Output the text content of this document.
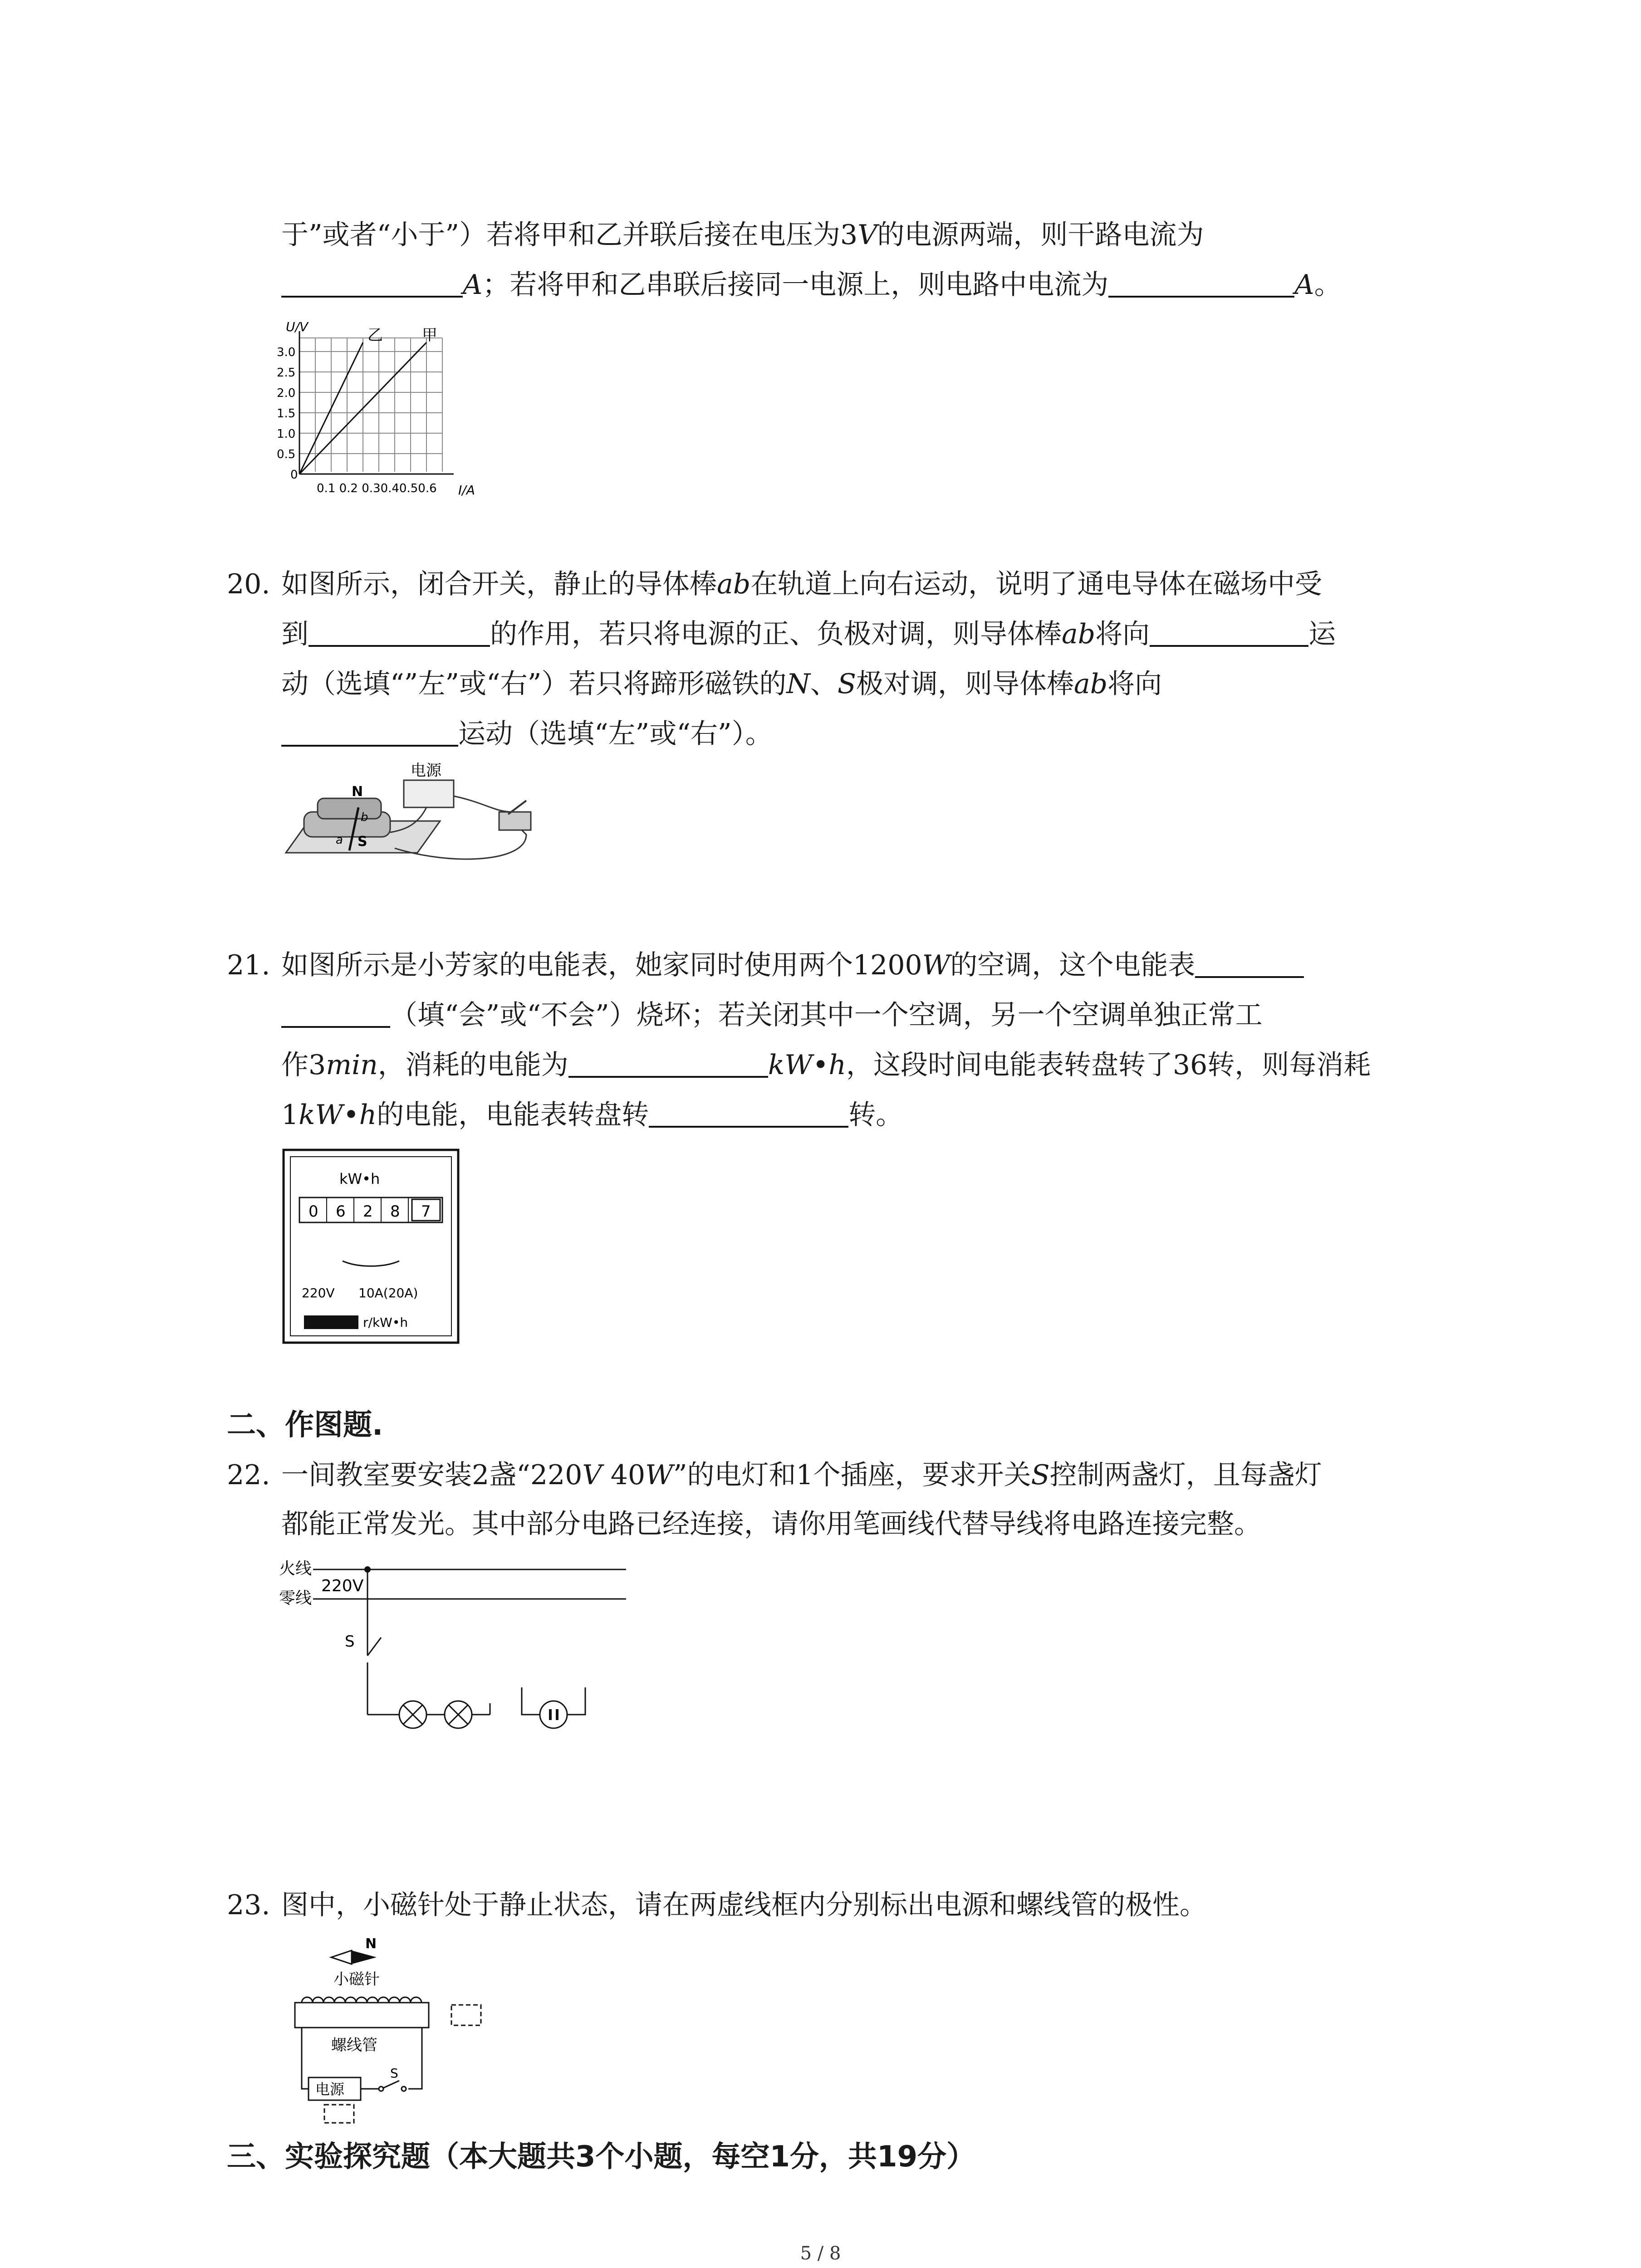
于”或者“小于”）若将甲和乙并联后接在电压为3V的电源两端，则干路电流为
A；若将甲和乙串联后接同一电源上，则电路中电流为	A。
U/V
I/A
3.0
2.5
2.0
1.5
1.0
0.5
0
0.1 0.2 0.30.40.50.6
乙	甲
20. 如图所示，闭合开关，静止的导体棒ab在轨道上向右运动，说明了通电导体在磁场中受
到	的作用，若只将电源的正、负极对调，则导体棒ab将向	运
动（选填“”左”或“右”）若只将蹄形磁铁的N、S极对调，则导体棒ab将向
运动（选填“左”或“右”）。
电源
N
S
a
b
21. 如图所示是小芳家的电能表，她家同时使用两个1200W的空调，这个电能表
（填“会”或“不会”）烧坏；若关闭其中一个空调，另一个空调单独正常工
作3min，消耗的电能为	kW•h，这段时间电能表转盘转了36转，则每消耗
1kW•h的电能，电能表转盘转	转。
kW•h
0 6 2 8 7
220V 10A(20A)
r/kW•h
二、作图题.
22. 一间教室要安装2盏“220V 40W”的电灯和1个插座，要求开关S控制两盏灯，且每盏灯
都能正常发光。其中部分电路已经连接，请你用笔画线代替导线将电路连接完整。
火线
零线
220V
S
23. 图中，小磁针处于静止状态，请在两虚线框内分别标出电源和螺线管的极性。
N
小磁针
螺线管
电源
S
三、实验探究题（本大题共3个小题，每空1分，共19分）
5 / 8
